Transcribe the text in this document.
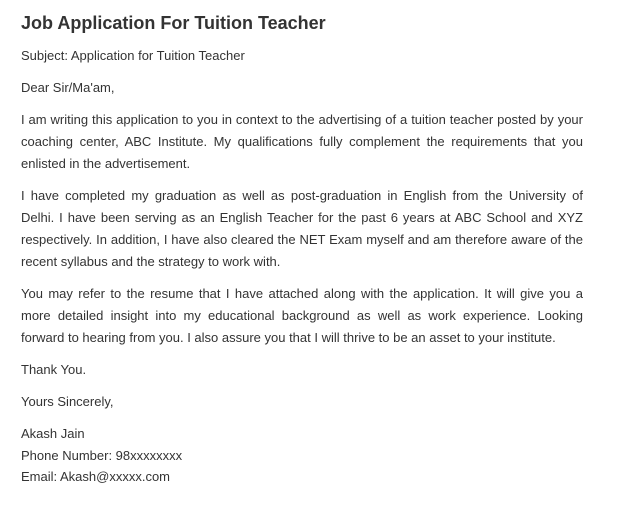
Job Application For Tuition Teacher

Subject: Application for Tuition Teacher

Dear Sir/Ma'am,

I am writing this application to you in context to the advertising of a tuition teacher posted by your coaching center, ABC Institute. My qualifications fully complement the requirements that you enlisted in the advertisement.

I have completed my graduation as well as post-graduation in English from the University of Delhi. I have been serving as an English Teacher for the past 6 years at ABC School and XYZ respectively. In addition, I have also cleared the NET Exam myself and am therefore aware of the recent syllabus and the strategy to work with.

You may refer to the resume that I have attached along with the application. It will give you a more detailed insight into my educational background as well as work experience. Looking forward to hearing from you. I also assure you that I will thrive to be an asset to your institute.

Thank You.

Yours Sincerely,

Akash Jain
Phone Number: 98xxxxxxxx
Email: Akash@xxxxx.com
